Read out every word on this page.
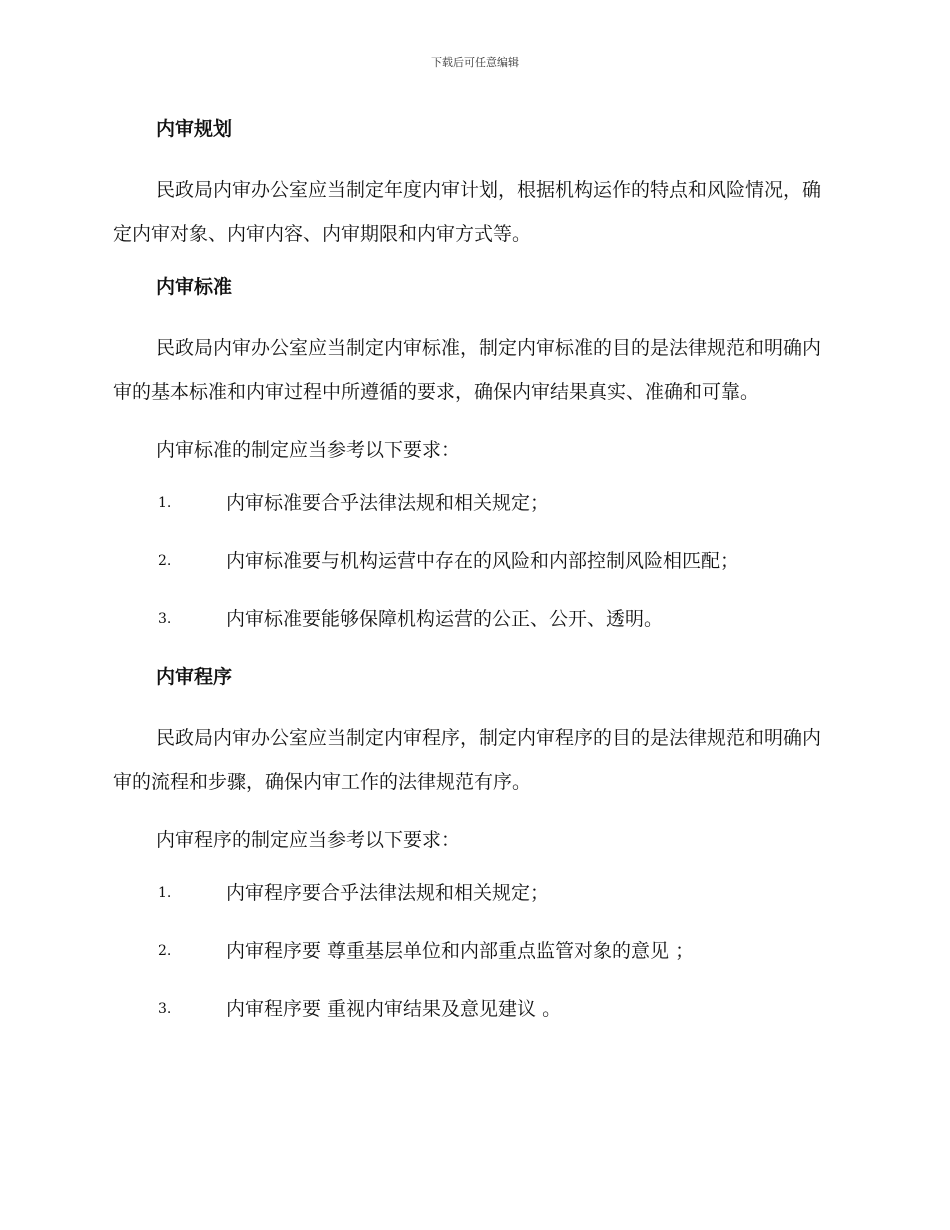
下载后可任意编辑
内审规划

民政局内审办公室应当制定年度内审计划，根据机构运作的特点和风险情况，确定内审对象、内审内容、内审期限和内审方式等。

内审标准

民政局内审办公室应当制定内审标准，制定内审标准的目的是法律规范和明确内审的基本标准和内审过程中所遵循的要求，确保内审结果真实、准确和可靠。

内审标准的制定应当参考以下要求：

1.	内审标准要合乎法律法规和相关规定；
2.	内审标准要与机构运营中存在的风险和内部控制风险相匹配；
3.	内审标准要能够保障机构运营的公正、公开、透明。
内审程序

民政局内审办公室应当制定内审程序，制定内审程序的目的是法律规范和明确内审的流程和步骤，确保内审工作的法律规范有序。

内审程序的制定应当参考以下要求：

1.	内审程序要合乎法律法规和相关规定；
2.	内审程序要 尊重基层单位和内部重点监管对象的意见 ；
3.	内审程序要 重视内审结果及意见建议 。
